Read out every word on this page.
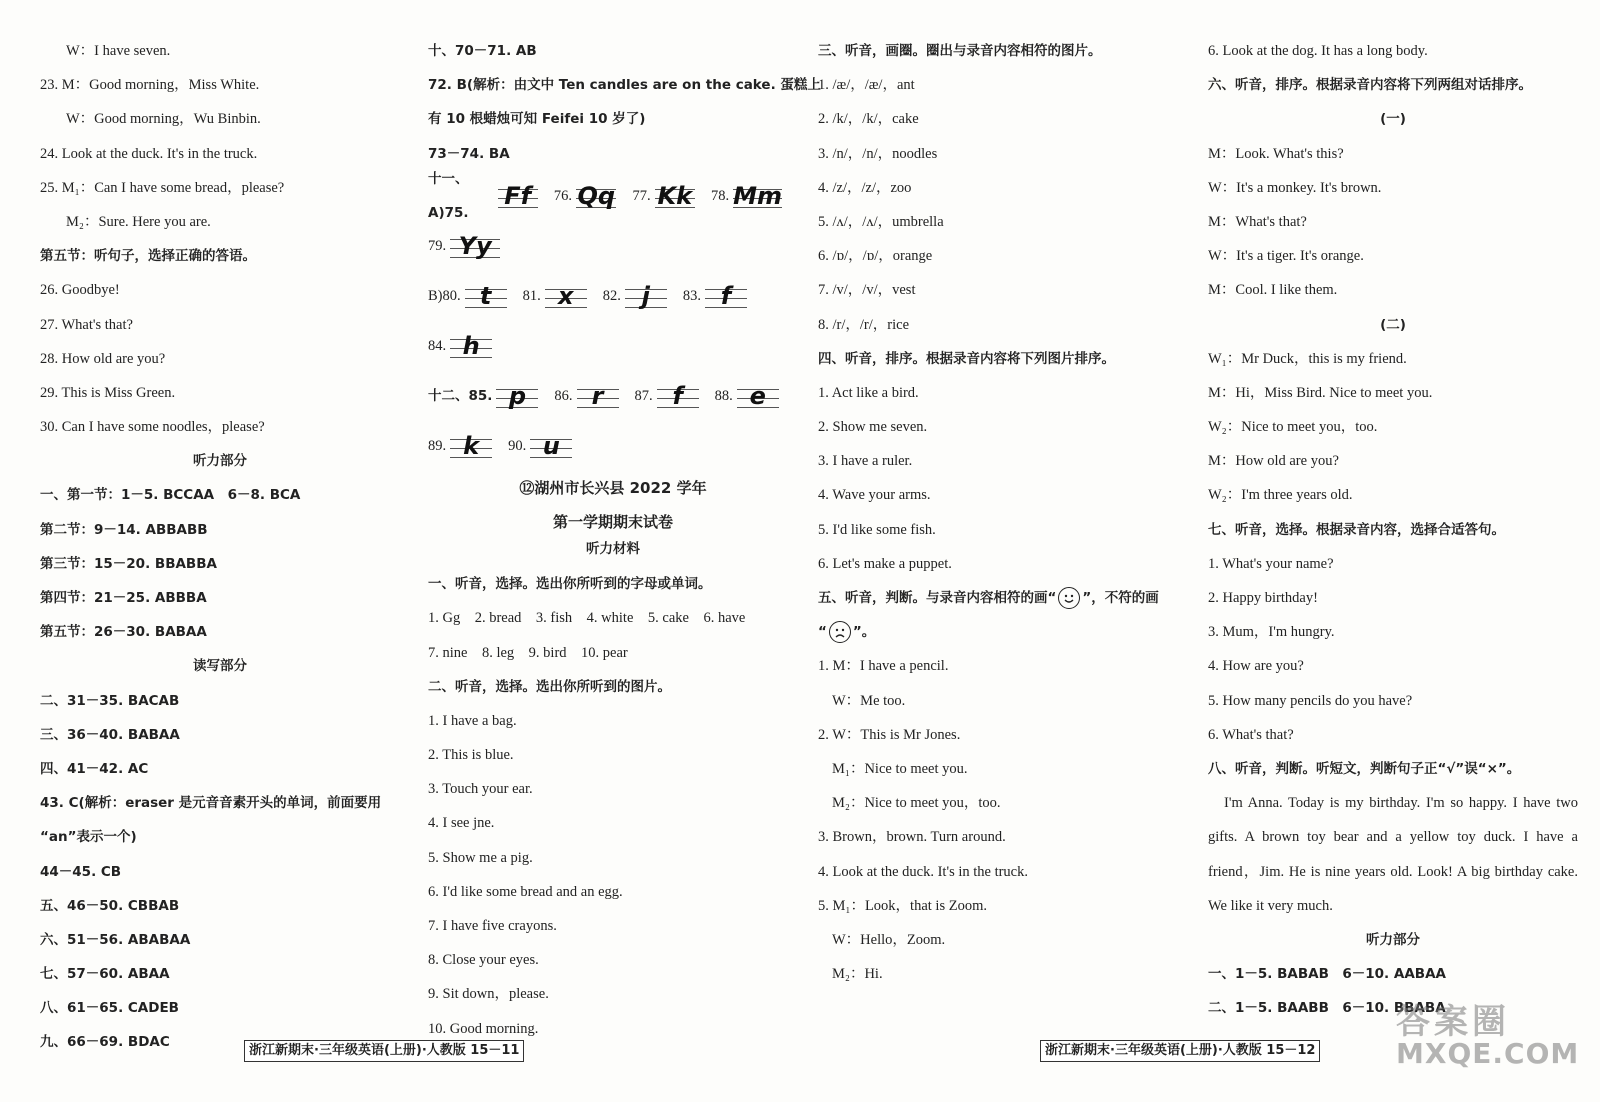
W：I have seven.
23. M：Good morning，Miss White.
W：Good morning，Wu Binbin.
24. Look at the duck. It's in the truck.
25. M₁：Can I have some bread，please?
M₂：Sure. Here you are.
第五节：听句子，选择正确的答语。
26. Goodbye!
27. What's that?
28. How old are you?
29. This is Miss Green.
30. Can I have some noodles，please?
听力部分
一、第一节：1－5. BCCAA　6－8. BCA
第二节：9－14. ABBABB
第三节：15－20. BBABBA
第四节：21－25. ABBBA
第五节：26－30. BABAA
读写部分
二、31－35. BACAB
三、36－40. BABAA
四、41－42. AC
43. C(解析：eraser 是元音音素开头的单词，前面要用
“an”表示一个)
44－45. CB
五、46－50. CBBAB
六、51－56. ABABAA
七、57－60. ABAA
八、61－65. CADEB
九、66－69. BDAC
十、70－71. AB
72. B(解析：由文中 Ten candles are on the cake. 蛋糕上
有 10 根蜡烛可知 Feifei 10 岁了)
73－74. BA
十一、A)75.
Ff	76. Qq 77. Kk 78. Mm
79. Yy
B)80. t	81. x	82. j	83. f
84. h
十二、85. p	86. r	87. f	88. e
89. k	90. u
⑫湖州市长兴县 2022 学年
第一学期期末试卷
听力材料
一、听音，选择。选出你所听到的字母或单词。
1. Gg　2. bread　3. fish　4. white　5. cake　6. have
7. nine　8. leg　9. bird　10. pear
二、听音，选择。选出你所听到的图片。
1. I have a bag.
2. This is blue.
3. Touch your ear.
4. I see jne.
5. Show me a pig.
6. I'd like some bread and an egg.
7. I have five crayons.
8. Close your eyes.
9. Sit down，please.
10. Good morning.
三、听音，画圈。圈出与录音内容相符的图片。
1. /æ/，/æ/，ant
2. /k/，/k/，cake
3. /n/，/n/，noodles
4. /z/，/z/，zoo
5. /ʌ/，/ʌ/，umbrella
6. /ɒ/，/ɒ/，orange
7. /v/，/v/，vest
8. /r/，/r/，rice
四、听音，排序。根据录音内容将下列图片排序。
1. Act like a bird.
2. Show me seven.
3. I have a ruler.
4. Wave your arms.
5. I'd like some fish.
6. Let's make a puppet.
五、听音，判断。与录音内容相符的画“ ”，不符的画
“ ”。
1. M：I have a pencil.
W：Me too.
2. W：This is Mr Jones.
M₁：Nice to meet you.
M₂：Nice to meet you，too.
3. Brown，brown. Turn around.
4. Look at the duck. It's in the truck.
5. M₁：Look，that is Zoom.
W：Hello，Zoom.
M₂：Hi.
6. Look at the dog. It has a long body.
六、听音，排序。根据录音内容将下列两组对话排序。
(一)
M：Look. What's this?
W：It's a monkey. It's brown.
M：What's that?
W：It's a tiger. It's orange.
M：Cool. I like them.
(二)
W₁：Mr Duck，this is my friend.
M：Hi，Miss Bird. Nice to meet you.
W₂：Nice to meet you，too.
M：How old are you?
W₂：I'm three years old.
七、听音，选择。根据录音内容，选择合适答句。
1. What's your name?
2. Happy birthday!
3. Mum，I'm hungry.
4. How are you?
5. How many pencils do you have?
6. What's that?
八、听音，判断。听短文，判断句子正“√”误“×”。
I'm Anna. Today is my birthday. I'm so happy. I have two gifts. A brown toy bear and a yellow toy duck. I have a friend，Jim. He is nine years old. Look! A big birthday cake. We like it very much.
听力部分
一、1－5. BABAB　6－10. AABAA
二、1－5. BAABB　6－10. BBABA
浙江新期末·三年级英语(上册)·人教版 15－11	浙江新期末·三年级英语(上册)·人教版 15－12
答案圈
MXQE.COM
